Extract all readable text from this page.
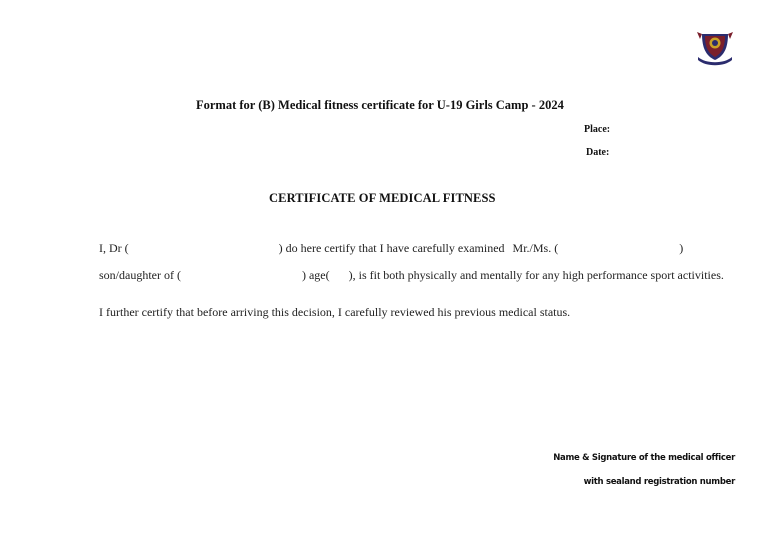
Format for (B) Medical fitness certificate for U-19 Girls Camp - 2024
Place:
Date:
CERTIFICATE OF MEDICAL FITNESS
I, Dr (	) do here certify that I have carefully examined Mr./Ms. (	)
son/daughter of (	) age( ), is fit both physically and mentally for any high performance sport activities.
I further certify that before arriving this decision, I carefully reviewed his previous medical status.
Name & Signature of the medical officer
with sealand registration number
